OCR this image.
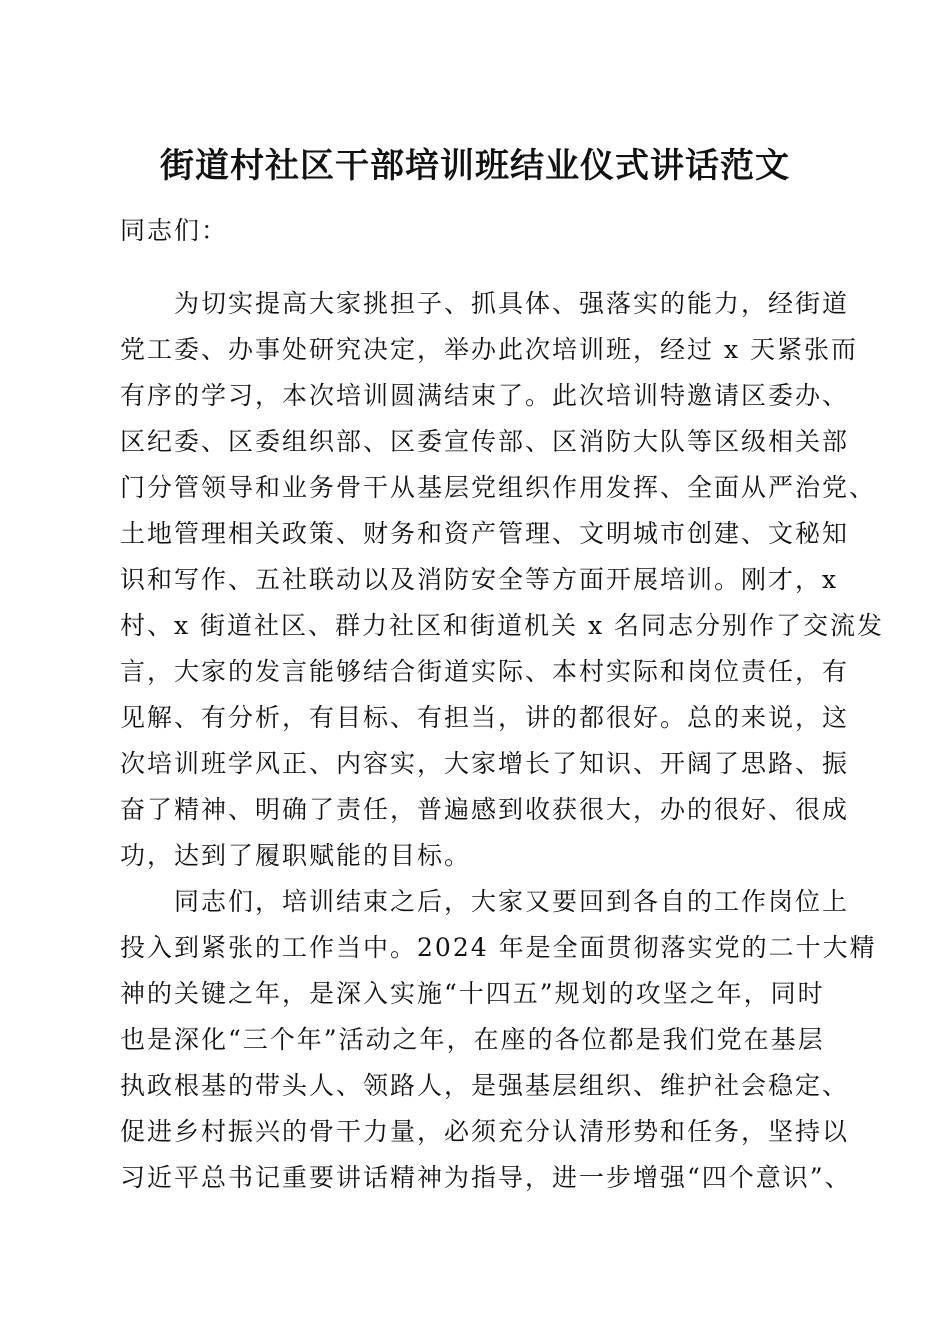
街道村社区干部培训班结业仪式讲话范文
同志们：
　　为切实提高大家挑担子、抓具体、强落实的能力，经街道
党工委、办事处研究决定，举办此次培训班，经过 x 天紧张而
有序的学习，本次培训圆满结束了。此次培训特邀请区委办、
区纪委、区委组织部、区委宣传部、区消防大队等区级相关部
门分管领导和业务骨干从基层党组织作用发挥、全面从严治党、
土地管理相关政策、财务和资产管理、文明城市创建、文秘知
识和写作、五社联动以及消防安全等方面开展培训。刚才，x
村、x 街道社区、群力社区和街道机关 x 名同志分别作了交流发
言，大家的发言能够结合街道实际、本村实际和岗位责任，有
见解、有分析，有目标、有担当，讲的都很好。总的来说，这
次培训班学风正、内容实，大家增长了知识、开阔了思路、振
奋了精神、明确了责任，普遍感到收获很大，办的很好、很成
功，达到了履职赋能的目标。
　　同志们，培训结束之后，大家又要回到各自的工作岗位上
投入到紧张的工作当中。2024 年是全面贯彻落实党的二十大精
神的关键之年，是深入实施“十四五”规划的攻坚之年，同时
也是深化“三个年”活动之年，在座的各位都是我们党在基层
执政根基的带头人、领路人，是强基层组织、维护社会稳定、
促进乡村振兴的骨干力量，必须充分认清形势和任务，坚持以
习近平总书记重要讲话精神为指导，进一步增强“四个意识”、
